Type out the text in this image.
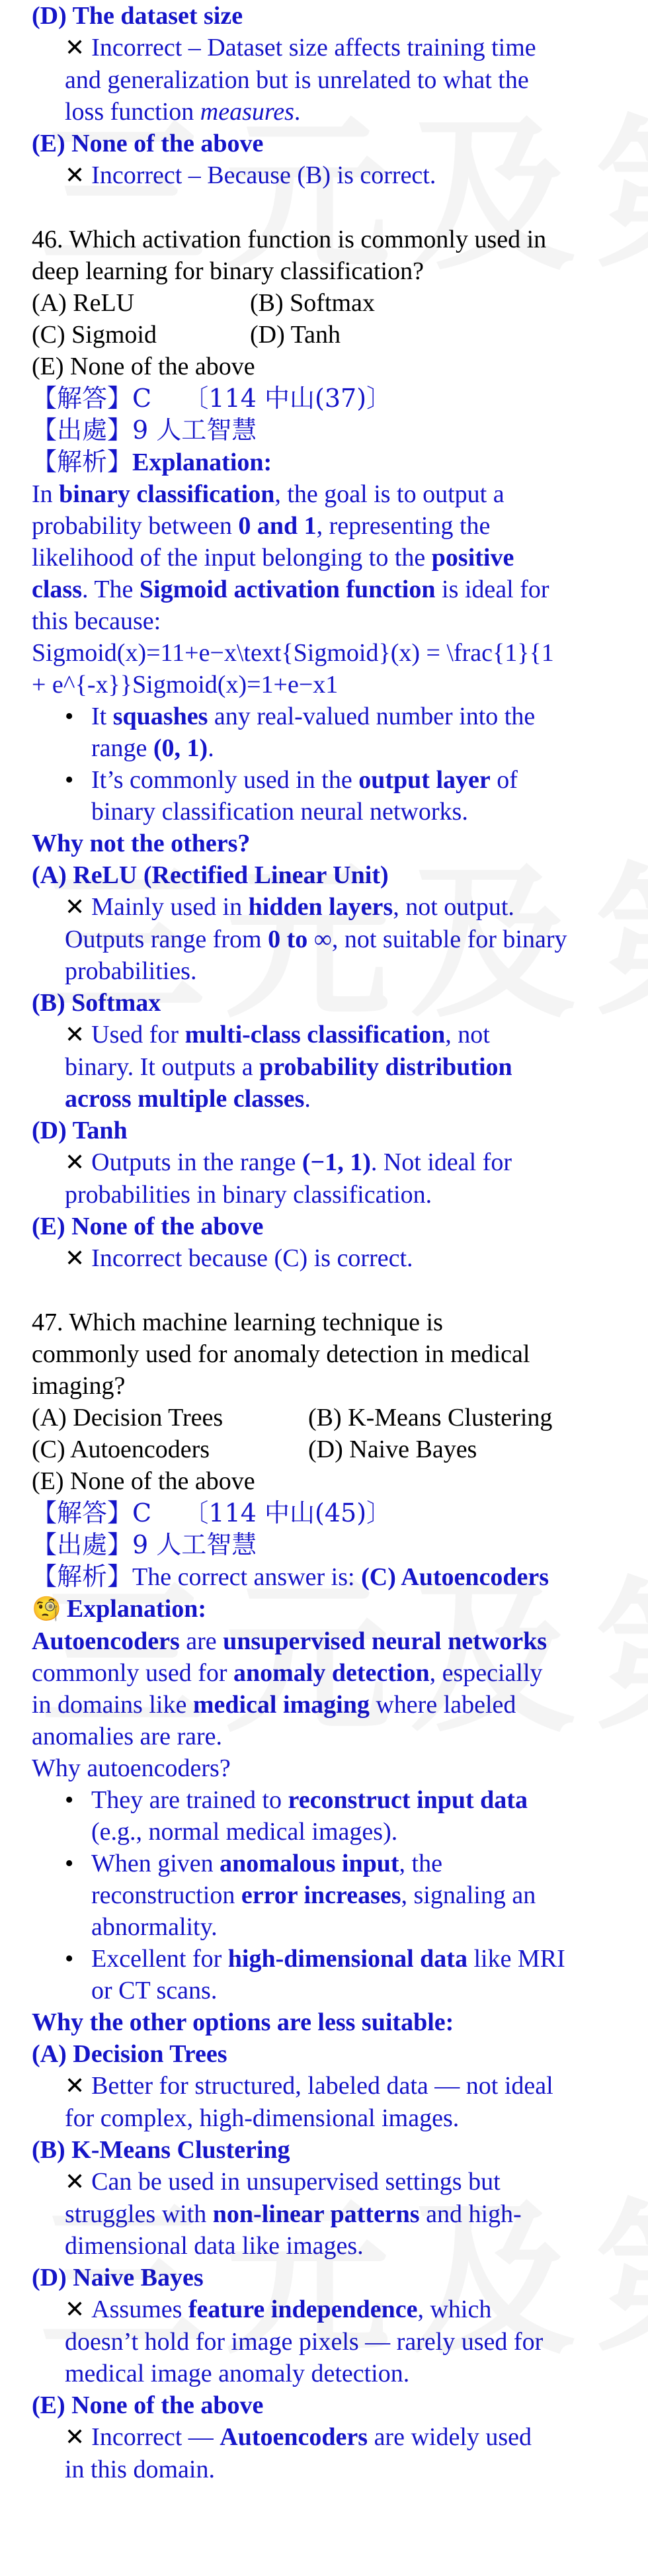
(D) The dataset size

✕ Incorrect – Dataset size affects training time

and generalization but is unrelated to what the

loss function measures.

(E) None of the above

✕ Incorrect – Because (B) is correct.

46. Which activation function is commonly used in

deep learning for binary classification?

(A) ReLU	(B) Softmax
(C) Sigmoid	(D) Tanh

(E) None of the above

【解答】C 〔114 中山(37)〕

【出處】9 人工智慧

【解析】Explanation:

In binary classification, the goal is to output a

probability between 0 and 1, representing the

likelihood of the input belonging to the positive

class. The Sigmoid activation function is ideal for

this because:

Sigmoid(x)=11+e−x\text{Sigmoid}(x) = \frac{1}{1

+ e^{-x}}Sigmoid(x)=1+e−x1

• It squashes any real-valued number into the
range (0, 1).
• It’s commonly used in the output layer of
binary classification neural networks.

Why not the others?

(A) ReLU (Rectified Linear Unit)

✕ Mainly used in hidden layers, not output.

Outputs range from 0 to ∞, not suitable for binary

probabilities.

(B) Softmax

✕ Used for multi-class classification, not

binary. It outputs a probability distribution

across multiple classes.

(D) Tanh

✕ Outputs in the range (−1, 1). Not ideal for

probabilities in binary classification.

(E) None of the above

✕ Incorrect because (C) is correct.

47. Which machine learning technique is

commonly used for anomaly detection in medical

imaging?

(A) Decision Trees	(B) K-Means Clustering
(C) Autoencoders	(D) Naive Bayes

(E) None of the above

【解答】C 〔114 中山(45)〕

【出處】9 人工智慧

【解析】The correct answer is: (C) Autoencoders

🧐 Explanation:

Autoencoders are unsupervised neural networks

commonly used for anomaly detection, especially

in domains like medical imaging where labeled

anomalies are rare.

Why autoencoders?

• They are trained to reconstruct input data
(e.g., normal medical images).
• When given anomalous input, the
reconstruction error increases, signaling an
abnormality.
• Excellent for high-dimensional data like MRI
or CT scans.

Why the other options are less suitable:

(A) Decision Trees

✕ Better for structured, labeled data — not ideal

for complex, high-dimensional images.

(B) K-Means Clustering

✕ Can be used in unsupervised settings but

struggles with non-linear patterns and high-

dimensional data like images.

(D) Naive Bayes

✕ Assumes feature independence, which

doesn’t hold for image pixels — rarely used for

medical image anomaly detection.

(E) None of the above

✕ Incorrect — Autoencoders are widely used

in this domain.
